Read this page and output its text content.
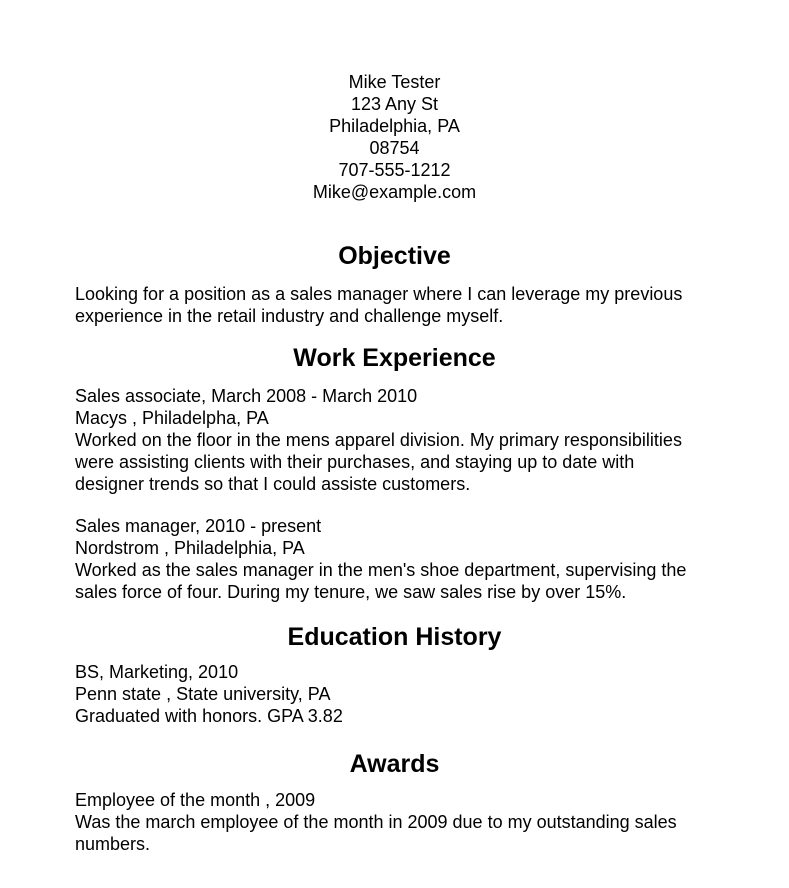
Mike Tester
123 Any St
Philadelphia, PA
08754
707-555-1212
Mike@example.com
Objective
Looking for a position as a sales manager where I can leverage my previous
experience in the retail industry and challenge myself.
Work Experience
Sales associate, March 2008 - March 2010
Macys , Philadelpha, PA
Worked on the floor in the mens apparel division. My primary responsibilities
were assisting clients with their purchases, and staying up to date with
designer trends so that I could assiste customers.
Sales manager, 2010 - present
Nordstrom , Philadelphia, PA
Worked as the sales manager in the men's shoe department, supervising the
sales force of four. During my tenure, we saw sales rise by over 15%.
Education History
BS, Marketing, 2010
Penn state , State university, PA
Graduated with honors. GPA 3.82
Awards
Employee of the month , 2009
Was the march employee of the month in 2009 due to my outstanding sales
numbers.
